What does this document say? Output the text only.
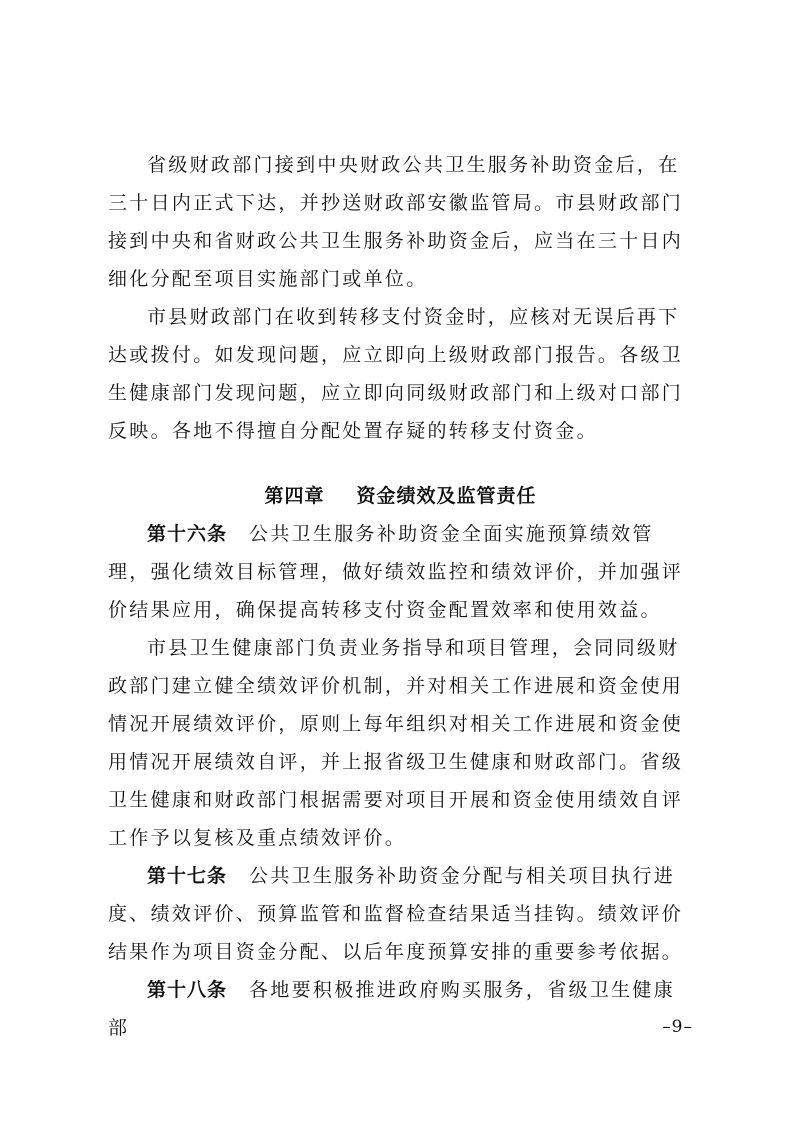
省级财政部门接到中央财政公共卫生服务补助资金后，在三十日内正式下达，并抄送财政部安徽监管局。市县财政部门接到中央和省财政公共卫生服务补助资金后，应当在三十日内细化分配至项目实施部门或单位。

市县财政部门在收到转移支付资金时，应核对无误后再下达或拨付。如发现问题，应立即向上级财政部门报告。各级卫生健康部门发现问题，应立即向同级财政部门和上级对口部门反映。各地不得擅自分配处置存疑的转移支付资金。

第四章 资金绩效及监管责任

第十六条 公共卫生服务补助资金全面实施预算绩效管理，强化绩效目标管理，做好绩效监控和绩效评价，并加强评价结果应用，确保提高转移支付资金配置效率和使用效益。

市县卫生健康部门负责业务指导和项目管理，会同同级财政部门建立健全绩效评价机制，并对相关工作进展和资金使用情况开展绩效评价，原则上每年组织对相关工作进展和资金使用情况开展绩效自评，并上报省级卫生健康和财政部门。省级卫生健康和财政部门根据需要对项目开展和资金使用绩效自评工作予以复核及重点绩效评价。

第十七条 公共卫生服务补助资金分配与相关项目执行进度、绩效评价、预算监管和监督检查结果适当挂钩。绩效评价结果作为项目资金分配、以后年度预算安排的重要参考依据。

第十八条 各地要积极推进政府购买服务，省级卫生健康部	–9–
